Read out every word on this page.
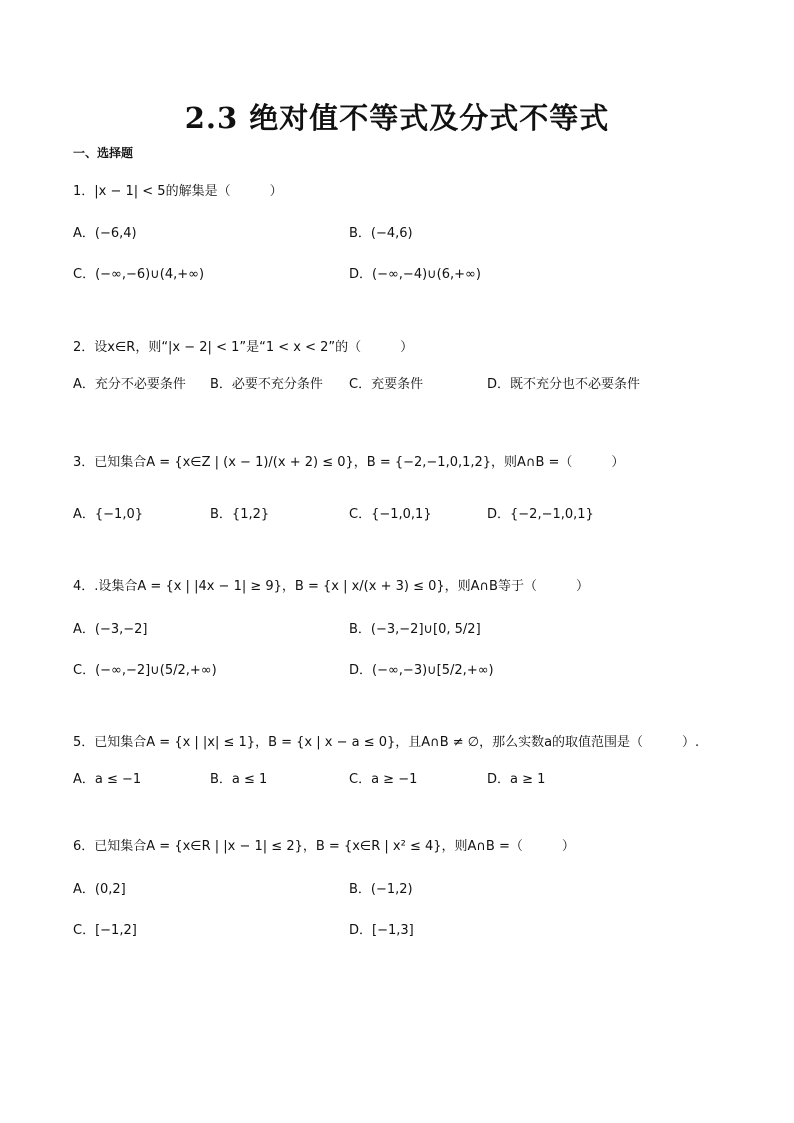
2.3 绝对值不等式及分式不等式
一、选择题
1．|x − 1| < 5的解集是（　　　）
A．(−6,4)	B．(−4,6)
C．(−∞,−6)∪(4,+∞)	D．(−∞,−4)∪(6,+∞)
2．设x∈R，则“|x − 2| < 1”是“1 < x < 2”的（　　　）
A．充分不必要条件 B．必要不充分条件 C．充要条件	D．既不充分也不必要条件
3．已知集合A = {x∈Z | (x − 1)/(x + 2) ≤ 0}，B = {−2,−1,0,1,2}，则A∩B =（　　　）
A．{−1,0}	B．{1,2}	C．{−1,0,1}	D．{−2,−1,0,1}
4．.设集合A = {x | |4x − 1| ≥ 9}，B = {x | x/(x + 3) ≤ 0}，则A∩B等于（　　　）
A．(−3,−2]	B．(−3,−2]∪[0, 5/2]
C．(−∞,−2]∪(5/2,+∞)	D．(−∞,−3)∪[5/2,+∞)
5．已知集合A = {x | |x| ≤ 1}，B = {x | x − a ≤ 0}，且A∩B ≠ ∅，那么实数a的取值范围是（　　　）.
A．a ≤ −1	B．a ≤ 1	C．a ≥ −1	D．a ≥ 1
6．已知集合A = {x∈R | |x − 1| ≤ 2}，B = {x∈R | x² ≤ 4}，则A∩B =（　　　）
A．(0,2]	B．(−1,2)
C．[−1,2]	D．[−1,3]
